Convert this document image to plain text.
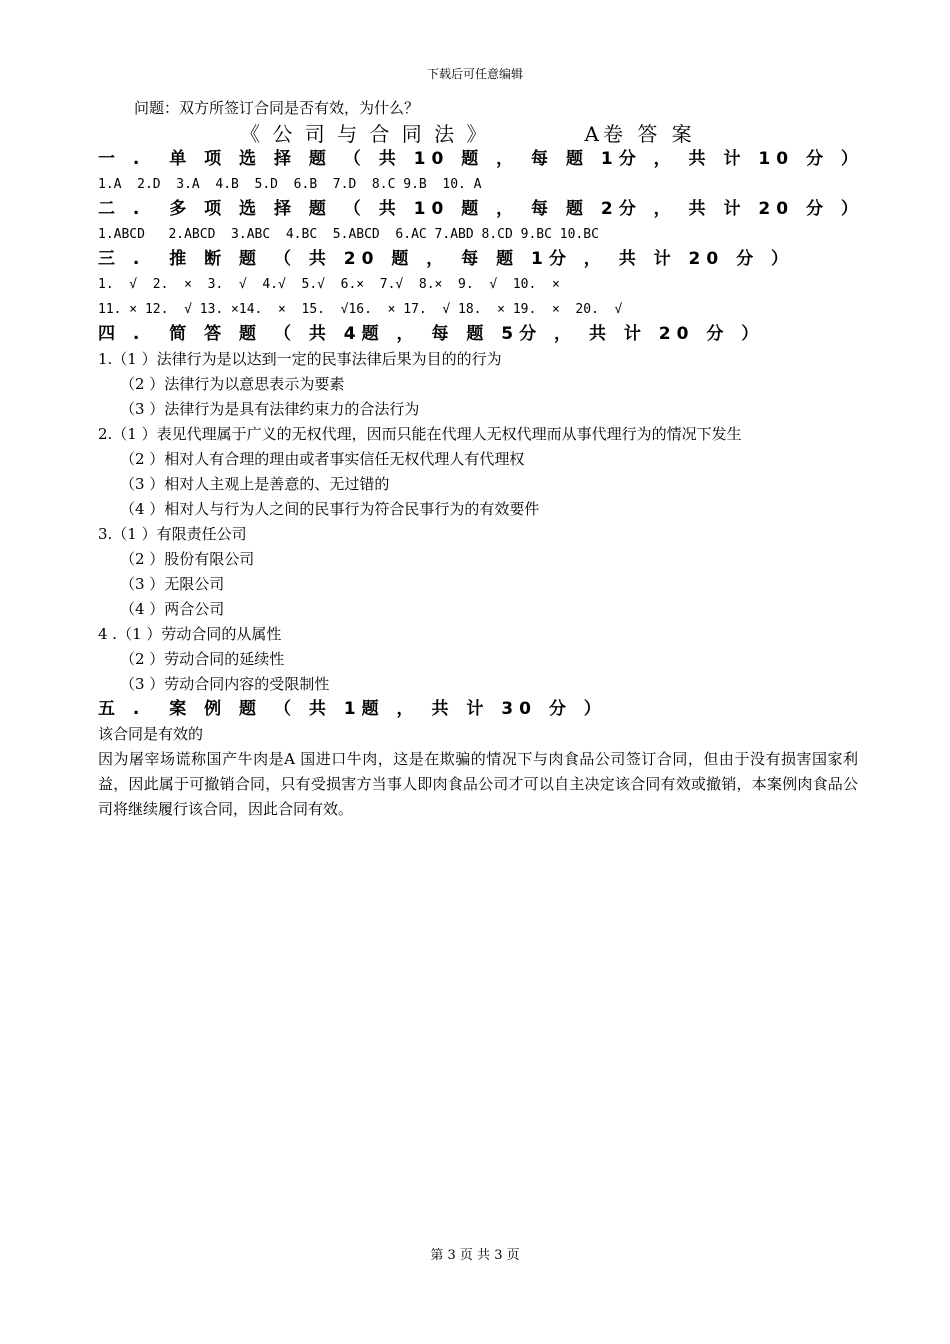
下载后可任意编辑
问题：双方所签订合同是否有效，为什么？
《 公 司 与 合 同 法 》	A卷 答 案
一 .  单 项 选 择 题 （ 共 10 题 ， 每 题 1分 ， 共 计 10 分 ）
1.A  2.D  3.A  4.B  5.D  6.B  7.D  8.C 9.B  10. A
二 .  多 项 选 择 题 （ 共 10 题 ， 每 题 2分 ， 共 计 20 分 ）
1.ABCD   2.ABCD  3.ABC  4.BC  5.ABCD  6.AC 7.ABD 8.CD 9.BC 10.BC
三 .  推 断 题 （ 共 20 题 ， 每 题 1分 ， 共 计 20 分 ）
1.  √  2.  ×  3.  √  4.√  5.√  6.×  7.√  8.×  9.  √  10.  ×
11. × 12.  √ 13. ×14.  ×  15.  √16.  × 17.  √ 18.  × 19.  ×  20.  √
四 .  简 答 题 （ 共 4题 ， 每 题 5分 ， 共 计 20 分 ）
1.（1 ）法律行为是以达到一定的民事法律后果为目的的行为
（2 ）法律行为以意思表示为要素
（3 ）法律行为是具有法律约束力的合法行为
2.（1 ）表见代理属于广义的无权代理，因而只能在代理人无权代理而从事代理行为的情况下发生
（2 ）相对人有合理的理由或者事实信任无权代理人有代理权
（3 ）相对人主观上是善意的、无过错的
（4 ）相对人与行为人之间的民事行为符合民事行为的有效要件
3.（1 ）有限责任公司
（2 ）股份有限公司
（3 ）无限公司
（4 ）两合公司
4 .（1 ）劳动合同的从属性
（2 ）劳动合同的延续性
（3 ）劳动合同内容的受限制性
五 .  案 例 题 （ 共 1题 ， 共 计 30 分 ）
该合同是有效的
因为屠宰场谎称国产牛肉是A 国进口牛肉，这是在欺骗的情况下与肉食品公司签订合同，但由于没有损害国家利益，因此属于可撤销合同，只有受损害方当事人即肉食品公司才可以自主决定该合同有效或撤销，本案例肉食品公司将继续履行该合同，因此合同有效。
第 3 页 共 3 页
